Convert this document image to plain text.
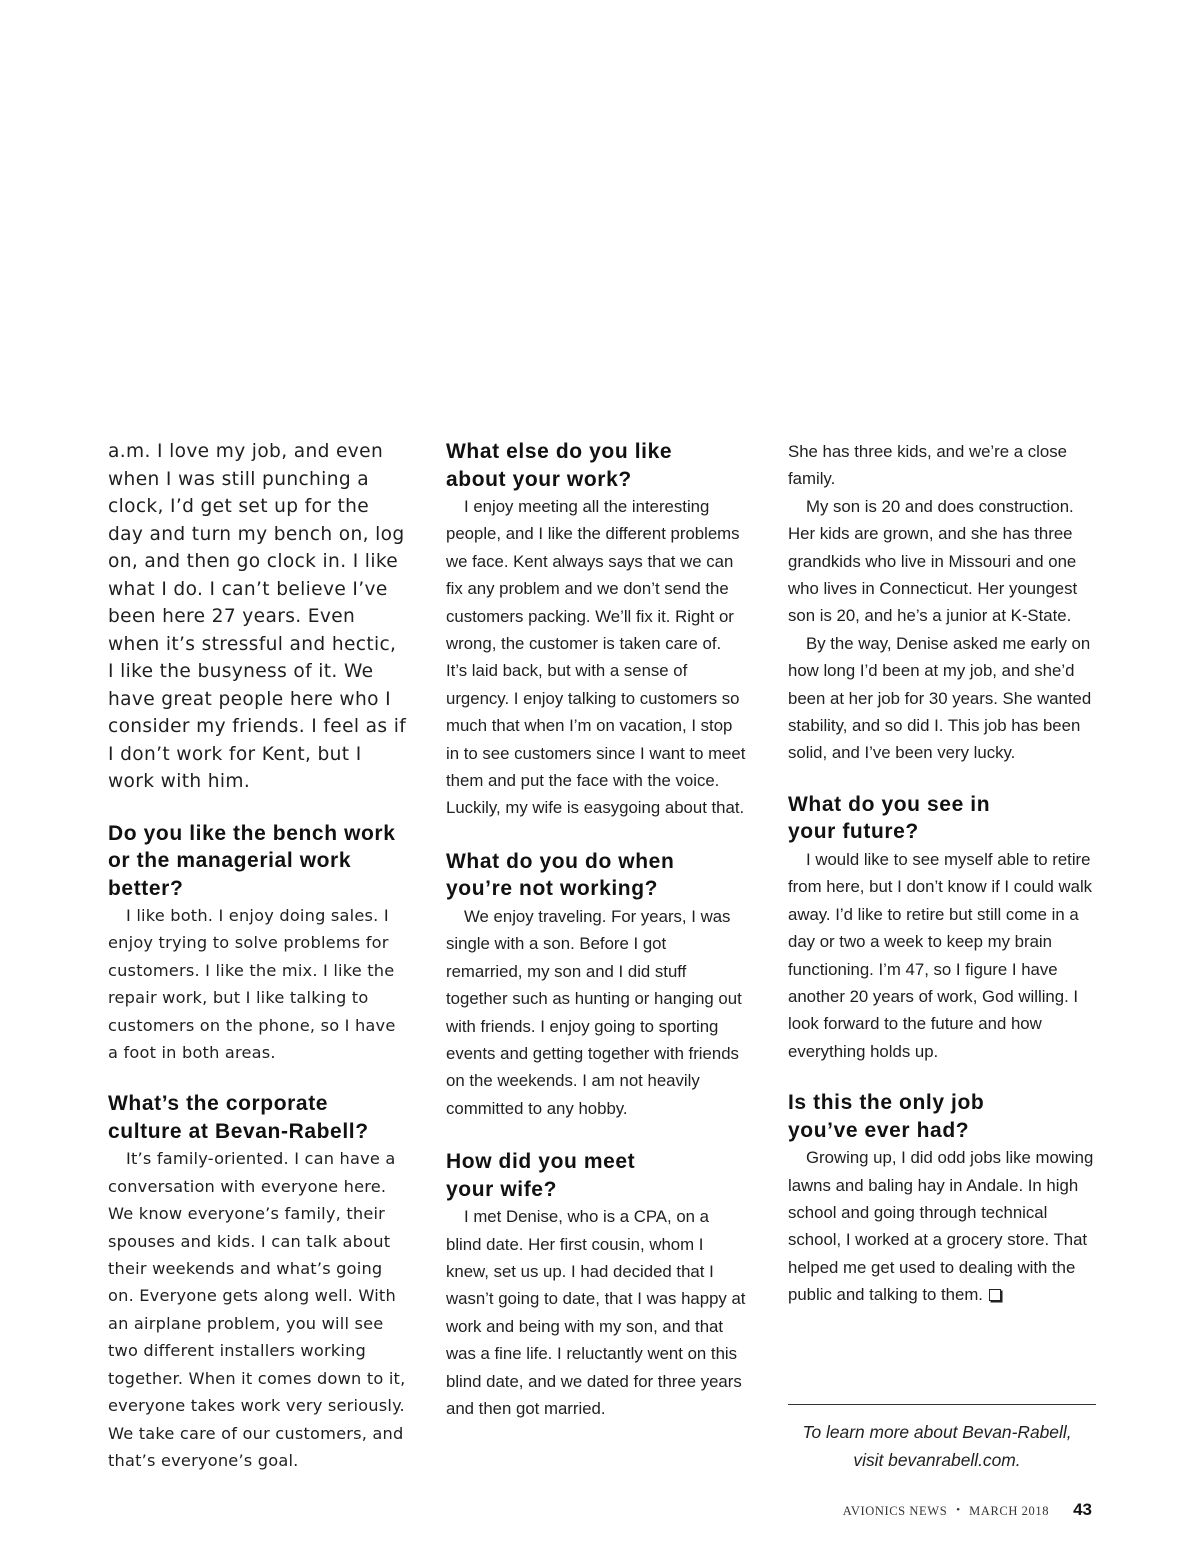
a.m. I love my job, and even when I was still punching a clock, I’d get set up for the day and turn my bench on, log on, and then go clock in. I like what I do. I can’t believe I’ve been here 27 years. Even when it’s stressful and hectic, I like the busyness of it. We have great people here who I consider my friends. I feel as if I don’t work for Kent, but I work with him.

Do you like the bench work or the managerial work better?

I like both. I enjoy doing sales. I enjoy trying to solve problems for customers. I like the mix. I like the repair work, but I like talking to customers on the phone, so I have a foot in both areas.

What’s the corporate culture at Bevan-Rabell?

It’s family-oriented. I can have a conversation with everyone here. We know everyone’s family, their spouses and kids. I can talk about their weekends and what’s going on. Everyone gets along well. With an airplane problem, you will see two different installers working together. When it comes down to it, everyone takes work very seriously. We take care of our customers, and that’s everyone’s goal.

What else do you like about your work?

I enjoy meeting all the interesting people, and I like the different problems we face. Kent always says that we can fix any problem and we don’t send the customers packing. We’ll fix it. Right or wrong, the customer is taken care of. It’s laid back, but with a sense of urgency. I enjoy talking to customers so much that when I’m on vacation, I stop in to see customers since I want to meet them and put the face with the voice. Luckily, my wife is easygoing about that.

What do you do when you’re not working?

We enjoy traveling. For years, I was single with a son. Before I got remarried, my son and I did stuff together such as hunting or hanging out with friends. I enjoy going to sporting events and getting together with friends on the weekends. I am not heavily committed to any hobby.

How did you meet your wife?

I met Denise, who is a CPA, on a blind date. Her first cousin, whom I knew, set us up. I had decided that I wasn’t going to date, that I was happy at work and being with my son, and that was a fine life. I reluctantly went on this blind date, and we dated for three years and then got married.

She has three kids, and we’re a close family.

My son is 20 and does construction. Her kids are grown, and she has three grandkids who live in Missouri and one who lives in Connecticut. Her youngest son is 20, and he’s a junior at K-State.

By the way, Denise asked me early on how long I’d been at my job, and she’d been at her job for 30 years. She wanted stability, and so did I. This job has been solid, and I’ve been very lucky.

What do you see in your future?

I would like to see myself able to retire from here, but I don’t know if I could walk away. I’d like to retire but still come in a day or two a week to keep my brain functioning. I’m 47, so I figure I have another 20 years of work, God willing. I look forward to the future and how everything holds up.

Is this the only job you’ve ever had?

Growing up, I did odd jobs like mowing lawns and baling hay in Andale. In high school and going through technical school, I worked at a grocery store. That helped me get used to dealing with the public and talking to them.

To learn more about Bevan-Rabell,
visit bevanrabell.com.
AVIONICS NEWS • MARCH 2018 43
